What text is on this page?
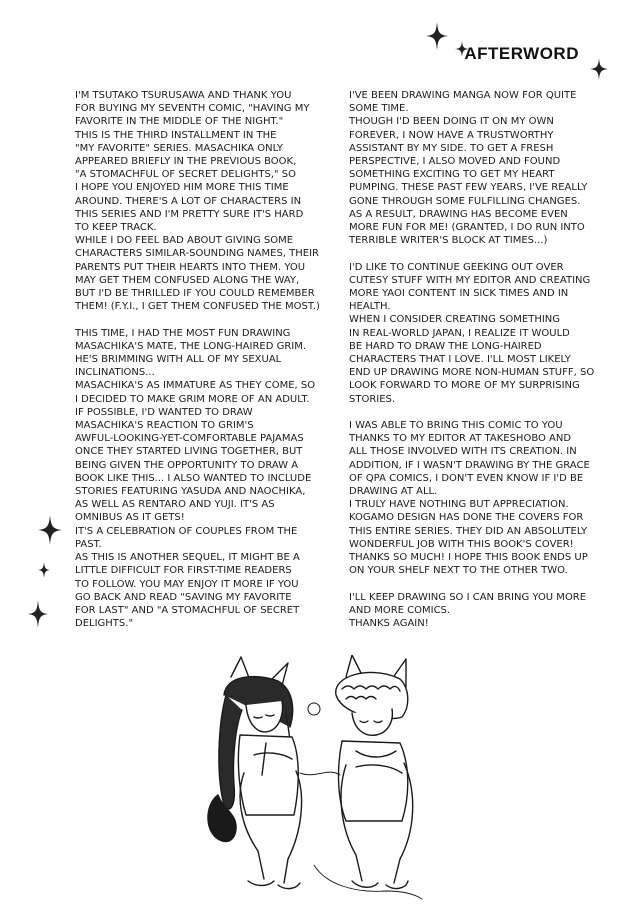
AFTERWORD

I'M TSUTAKO TSURUSAWA AND THANK YOU
FOR BUYING MY SEVENTH COMIC, "HAVING MY
FAVORITE IN THE MIDDLE OF THE NIGHT."
THIS IS THE THIRD INSTALLMENT IN THE
"MY FAVORITE" SERIES. MASACHIKA ONLY
APPEARED BRIEFLY IN THE PREVIOUS BOOK,
"A STOMACHFUL OF SECRET DELIGHTS," SO
I HOPE YOU ENJOYED HIM MORE THIS TIME
AROUND. THERE'S A LOT OF CHARACTERS IN
THIS SERIES AND I'M PRETTY SURE IT'S HARD
TO KEEP TRACK.
WHILE I DO FEEL BAD ABOUT GIVING SOME
CHARACTERS SIMILAR-SOUNDING NAMES, THEIR
PARENTS PUT THEIR HEARTS INTO THEM. YOU
MAY GET THEM CONFUSED ALONG THE WAY,
BUT I'D BE THRILLED IF YOU COULD REMEMBER
THEM! (F.Y.I., I GET THEM CONFUSED THE MOST.)

THIS TIME, I HAD THE MOST FUN DRAWING
MASACHIKA'S MATE, THE LONG-HAIRED GRIM.
HE'S BRIMMING WITH ALL OF MY SEXUAL
INCLINATIONS...
MASACHIKA'S AS IMMATURE AS THEY COME, SO
I DECIDED TO MAKE GRIM MORE OF AN ADULT.
IF POSSIBLE, I'D WANTED TO DRAW
MASACHIKA'S REACTION TO GRIM'S
AWFUL-LOOKING-YET-COMFORTABLE PAJAMAS
ONCE THEY STARTED LIVING TOGETHER, BUT
BEING GIVEN THE OPPORTUNITY TO DRAW A
BOOK LIKE THIS... I ALSO WANTED TO INCLUDE
STORIES FEATURING YASUDA AND NAOCHIKA,
AS WELL AS RENTARO AND YUJI. IT'S AS
OMNIBUS AS IT GETS!
IT'S A CELEBRATION OF COUPLES FROM THE
PAST.
AS THIS IS ANOTHER SEQUEL, IT MIGHT BE A
LITTLE DIFFICULT FOR FIRST-TIME READERS
TO FOLLOW. YOU MAY ENJOY IT MORE IF YOU
GO BACK AND READ "SAVING MY FAVORITE
FOR LAST" AND "A STOMACHFUL OF SECRET
DELIGHTS."

I'VE BEEN DRAWING MANGA NOW FOR QUITE
SOME TIME.
THOUGH I'D BEEN DOING IT ON MY OWN
FOREVER, I NOW HAVE A TRUSTWORTHY
ASSISTANT BY MY SIDE. TO GET A FRESH
PERSPECTIVE, I ALSO MOVED AND FOUND
SOMETHING EXCITING TO GET MY HEART
PUMPING. THESE PAST FEW YEARS, I'VE REALLY
GONE THROUGH SOME FULFILLING CHANGES.
AS A RESULT, DRAWING HAS BECOME EVEN
MORE FUN FOR ME! (GRANTED, I DO RUN INTO
TERRIBLE WRITER'S BLOCK AT TIMES...)

I'D LIKE TO CONTINUE GEEKING OUT OVER
CUTESY STUFF WITH MY EDITOR AND CREATING
MORE YAOI CONTENT IN SICK TIMES AND IN
HEALTH.
WHEN I CONSIDER CREATING SOMETHING
IN REAL-WORLD JAPAN, I REALIZE IT WOULD
BE HARD TO DRAW THE LONG-HAIRED
CHARACTERS THAT I LOVE. I'LL MOST LIKELY
END UP DRAWING MORE NON-HUMAN STUFF, SO
LOOK FORWARD TO MORE OF MY SURPRISING
STORIES.

I WAS ABLE TO BRING THIS COMIC TO YOU
THANKS TO MY EDITOR AT TAKESHOBO AND
ALL THOSE INVOLVED WITH ITS CREATION. IN
ADDITION, IF I WASN'T DRAWING BY THE GRACE
OF QPA COMICS, I DON'T EVEN KNOW IF I'D BE
DRAWING AT ALL.
I TRULY HAVE NOTHING BUT APPRECIATION.
KOGAMO DESIGN HAS DONE THE COVERS FOR
THIS ENTIRE SERIES. THEY DID AN ABSOLUTELY
WONDERFUL JOB WITH THIS BOOK'S COVER!
THANKS SO MUCH! I HOPE THIS BOOK ENDS UP
ON YOUR SHELF NEXT TO THE OTHER TWO.

I'LL KEEP DRAWING SO I CAN BRING YOU MORE
AND MORE COMICS.
THANKS AGAIN!
